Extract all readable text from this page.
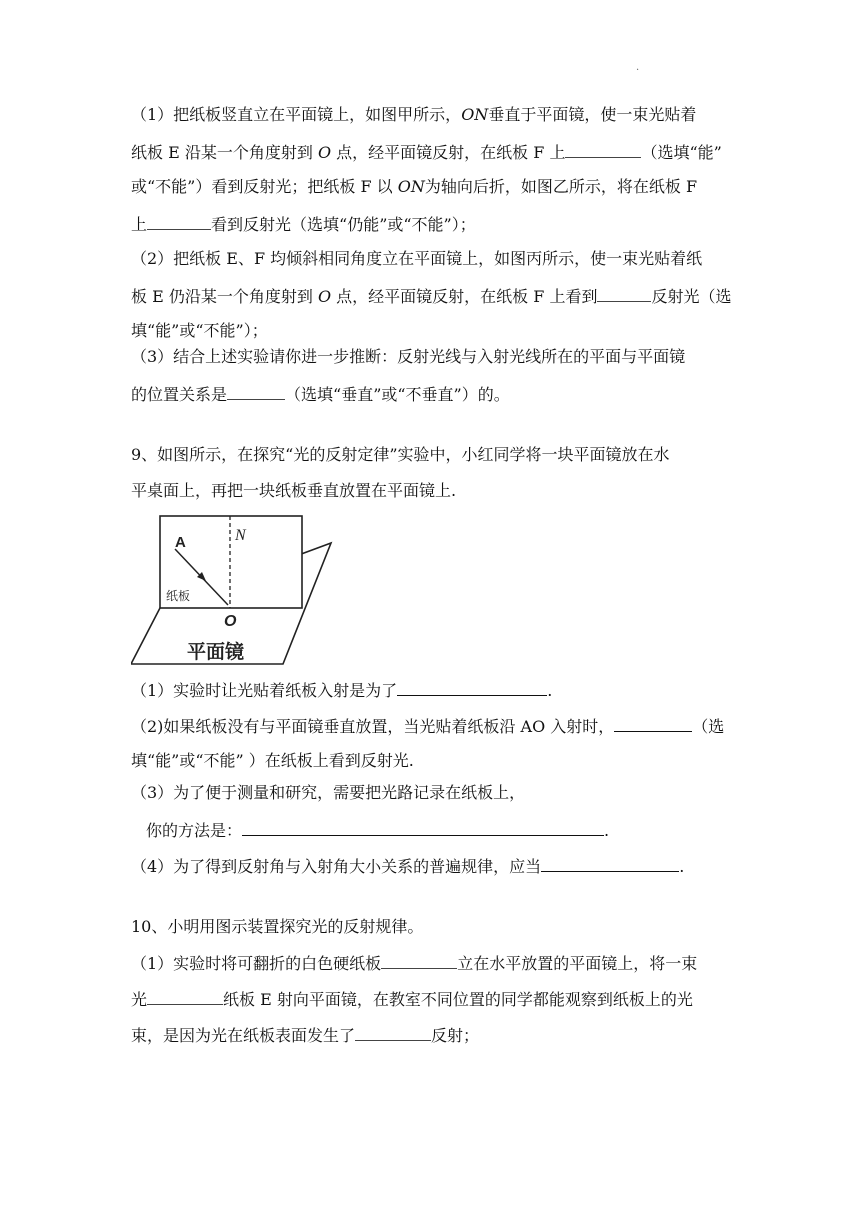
.
（1）把纸板竖直立在平面镜上，如图甲所示，ON垂直于平面镜，使一束光贴着
纸板 E 沿某一个角度射到 O 点，经平面镜反射，在纸板 F 上	（选填“能”
或“不能”）看到反射光；把纸板 F 以 ON为轴向后折，如图乙所示，将在纸板 F
上	看到反射光（选填“仍能”或“不能”）；
（2）把纸板 E、F 均倾斜相同角度立在平面镜上，如图丙所示，使一束光贴着纸
板 E 仍沿某一个角度射到 O 点，经平面镜反射，在纸板 F 上看到	反射光（选
填“能”或“不能”）；
（3）结合上述实验请你进一步推断：反射光线与入射光线所在的平面与平面镜
的位置关系是	（选填“垂直”或“不垂直”）的。
9、如图所示，在探究“光的反射定律”实验中，小红同学将一块平面镜放在水
平桌面上，再把一块纸板垂直放置在平面镜上.
A	N
纸板
O
平面镜
（1）实验时让光贴着纸板入射是为了	.
（2)如果纸板没有与平面镜垂直放置，当光贴着纸板沿 AO 入射时，	（选
填“能”或“不能” ）在纸板上看到反射光.
（3）为了便于测量和研究，需要把光路记录在纸板上，
你的方法是：	.
（4）为了得到反射角与入射角大小关系的普遍规律，应当	.
10、小明用图示装置探究光的反射规律。
（1）实验时将可翻折的白色硬纸板	立在水平放置的平面镜上，将一束
光	纸板 E 射向平面镜，在教室不同位置的同学都能观察到纸板上的光
束，是因为光在纸板表面发生了	反射；
